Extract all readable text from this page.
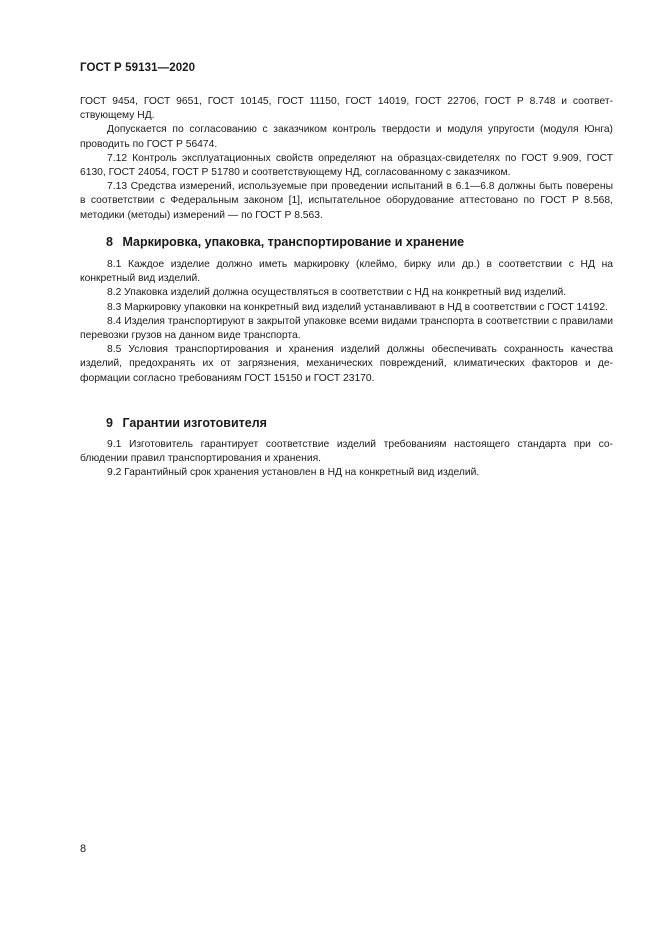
ГОСТ Р 59131—2020

ГОСТ 9454, ГОСТ 9651, ГОСТ 10145, ГОСТ 11150, ГОСТ 14019, ГОСТ 22706, ГОСТ Р 8.748 и соответствующему НД.

Допускается по согласованию с заказчиком контроль твердости и модуля упругости (модуля Юнга) проводить по ГОСТ Р 56474.

7.12 Контроль эксплуатационных свойств определяют на образцах-свидетелях по ГОСТ 9.909, ГОСТ 6130, ГОСТ 24054, ГОСТ Р 51780 и соответствующему НД, согласованному с заказчиком.

7.13 Средства измерений, используемые при проведении испытаний в 6.1—6.8 должны быть поверены в соответствии с Федеральным законом [1], испытательное оборудование аттестовано по ГОСТ Р 8.568, методики (методы) измерений — по ГОСТ Р 8.563.

8 Маркировка, упаковка, транспортирование и хранение

8.1 Каждое изделие должно иметь маркировку (клеймо, бирку или др.) в соответствии с НД на конкретный вид изделий.

8.2 Упаковка изделий должна осуществляться в соответствии с НД на конкретный вид изделий.

8.3 Маркировку упаковки на конкретный вид изделий устанавливают в НД в соответствии с ГОСТ 14192.

8.4 Изделия транспортируют в закрытой упаковке всеми видами транспорта в соответствии с правилами перевозки грузов на данном виде транспорта.

8.5 Условия транспортирования и хранения изделий должны обеспечивать сохранность качества изделий, предохранять их от загрязнения, механических повреждений, климатических факторов и деформации согласно требованиям ГОСТ 15150 и ГОСТ 23170.

9 Гарантии изготовителя

9.1 Изготовитель гарантирует соответствие изделий требованиям настоящего стандарта при соблюдении правил транспортирования и хранения.

9.2 Гарантийный срок хранения установлен в НД на конкретный вид изделий.

8
